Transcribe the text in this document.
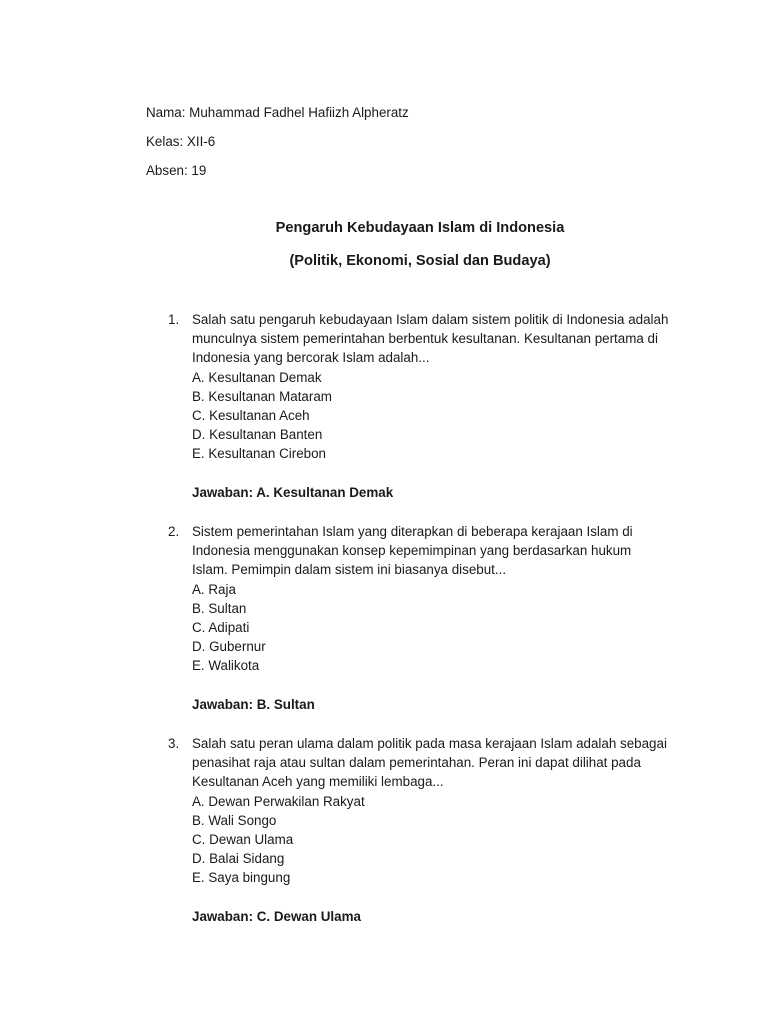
Nama: Muhammad Fadhel Hafiizh Alpheratz
Kelas: XII-6
Absen: 19
Pengaruh Kebudayaan Islam di Indonesia
(Politik, Ekonomi, Sosial dan Budaya)
1. Salah satu pengaruh kebudayaan Islam dalam sistem politik di Indonesia adalah
munculnya sistem pemerintahan berbentuk kesultanan. Kesultanan pertama di
Indonesia yang bercorak Islam adalah...
A. Kesultanan Demak
B. Kesultanan Mataram
C. Kesultanan Aceh
D. Kesultanan Banten
E. Kesultanan Cirebon
Jawaban: A. Kesultanan Demak
2. Sistem pemerintahan Islam yang diterapkan di beberapa kerajaan Islam di
Indonesia menggunakan konsep kepemimpinan yang berdasarkan hukum
Islam. Pemimpin dalam sistem ini biasanya disebut...
A. Raja
B. Sultan
C. Adipati
D. Gubernur
E. Walikota
Jawaban: B. Sultan
3. Salah satu peran ulama dalam politik pada masa kerajaan Islam adalah sebagai
penasihat raja atau sultan dalam pemerintahan. Peran ini dapat dilihat pada
Kesultanan Aceh yang memiliki lembaga...
A. Dewan Perwakilan Rakyat
B. Wali Songo
C. Dewan Ulama
D. Balai Sidang
E. Saya bingung
Jawaban: C. Dewan Ulama
